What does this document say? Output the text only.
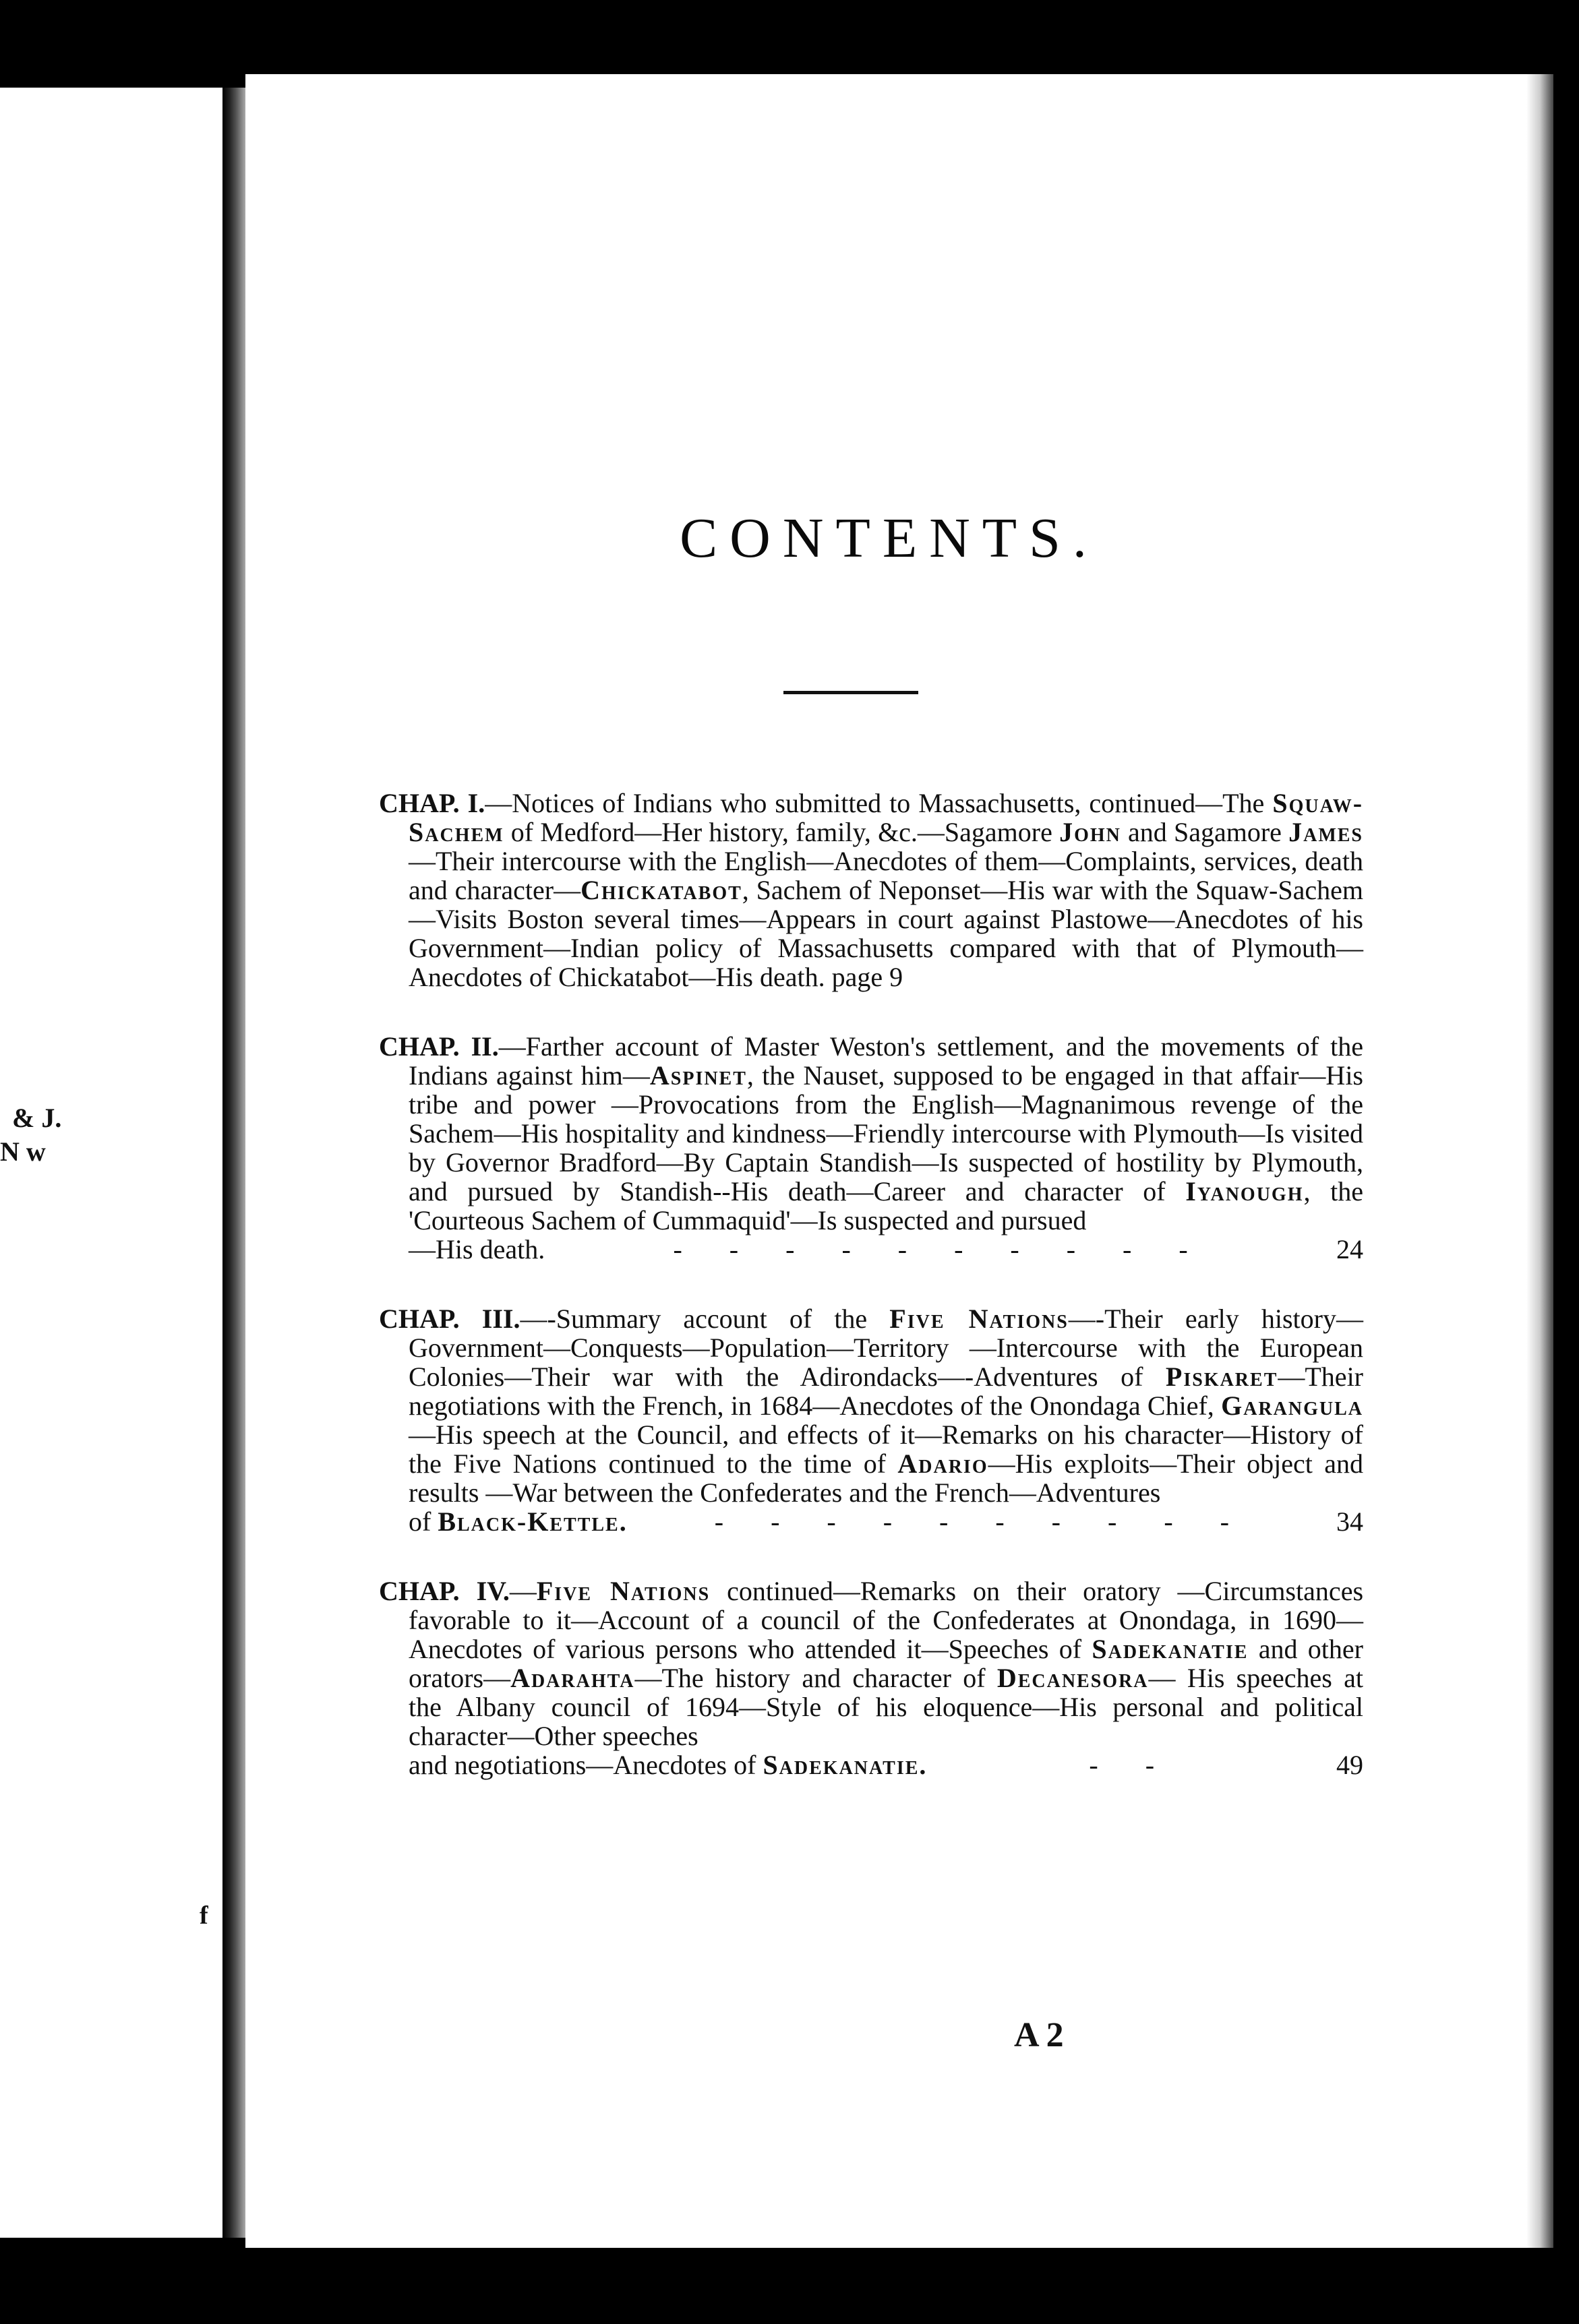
& J.
N w
f
CONTENTS.
CHAP. I.—Notices of Indians who submitted to Massachusetts, continued—The Squaw-Sachem of Medford—Her history, family, &c.—Sagamore John and Sagamore James—Their intercourse with the English—Anecdotes of them—Complaints, services, death and character—Chickatabot, Sachem of Neponset—His war with the Squaw-Sachem—Visits Boston several times—Appears in court against Plastowe—Anecdotes of his Government—Indian policy of Massachusetts compared with that of Plymouth—Anecdotes of Chickatabot—His death. page 9
CHAP. II.—Farther account of Master Weston's settlement, and the movements of the Indians against him—Aspinet, the Nauset, supposed to be engaged in that affair—His tribe and power —Provocations from the English—Magnanimous revenge of the Sachem—His hospitality and kindness—Friendly intercourse with Plymouth—Is visited by Governor Bradford—By Captain Standish—Is suspected of hostility by Plymouth, and pursued by Standish--His death—Career and character of Iyanough, the 'Courteous Sachem of Cummaquid'—Is suspected and pursued
—His death.	- - - - - - - - - -	24
CHAP. III.—-Summary account of the Five Nations—-Their early history—Government—Conquests—Population—Territory —Intercourse with the European Colonies—Their war with the Adirondacks—-Adventures of Piskaret—Their negotiations with the French, in 1684—Anecdotes of the Onondaga Chief, Garangula—His speech at the Council, and effects of it—Remarks on his character—History of the Five Nations continued to the time of Adario—His exploits—Their object and results —War between the Confederates and the French—Adventures
of Black-Kettle.	- - - - - - - - - -	34
CHAP. IV.—Five Nations continued—Remarks on their oratory —Circumstances favorable to it—Account of a council of the Confederates at Onondaga, in 1690—Anecdotes of various persons who attended it—Speeches of Sadekanatie and other orators—Adarahta—The history and character of Decanesora— His speeches at the Albany council of 1694—Style of his eloquence—His personal and political character—Other speeches
and negotiations—Anecdotes of Sadekanatie.	- -	49
A 2
